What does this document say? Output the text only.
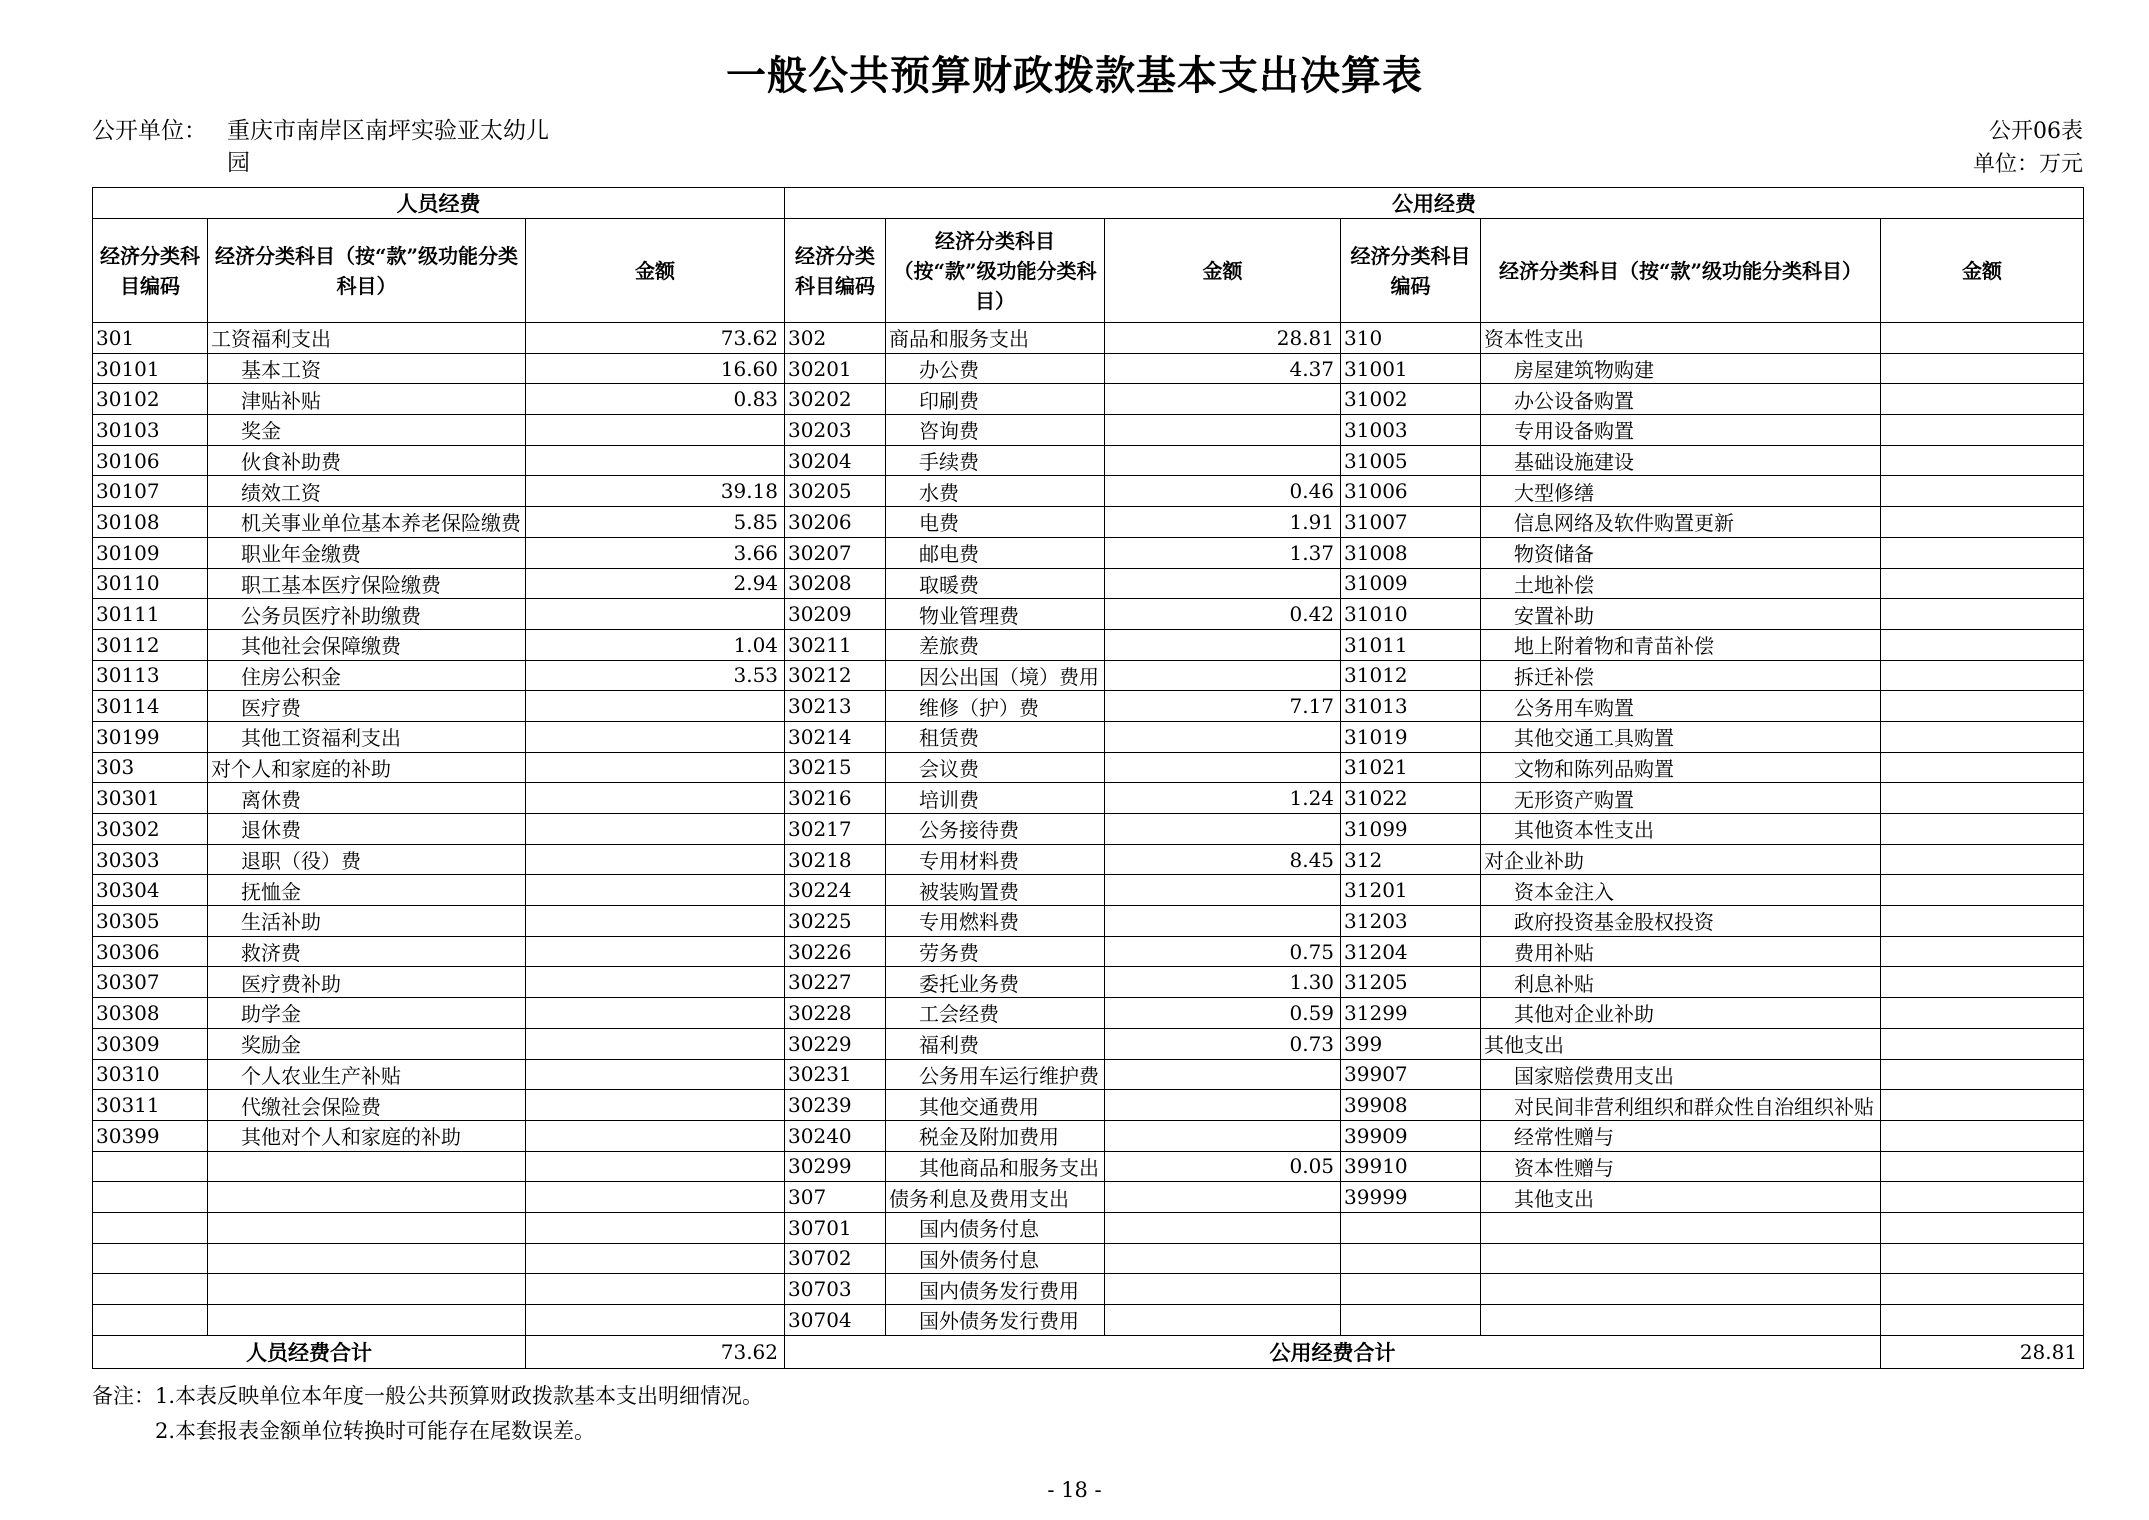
一般公共预算财政拨款基本支出决算表
公开单位： 重庆市南岸区南坪实验亚太幼儿园
公开06表
单位：万元
人员经费			公用经费					
经济分类科目编码	经济分类科目（按“款”级功能分类科目）	金额	经济分类科目编码	经济分类科目（按“款”级功能分类科目）	金额	经济分类科目编码	经济分类科目（按“款”级功能分类科目）	金额
301	工资福利支出	73.62	302	商品和服务支出	28.81	310	资本性支出	
30101	基本工资	16.60	30201	办公费	4.37	31001	房屋建筑物购建	
30102	津贴补贴	0.83	30202	印刷费		31002	办公设备购置	
30103	奖金		30203	咨询费		31003	专用设备购置	
30106	伙食补助费		30204	手续费		31005	基础设施建设	
30107	绩效工资	39.18	30205	水费	0.46	31006	大型修缮	
30108	机关事业单位基本养老保险缴费	5.85	30206	电费	1.91	31007	信息网络及软件购置更新	
30109	职业年金缴费	3.66	30207	邮电费	1.37	31008	物资储备	
30110	职工基本医疗保险缴费	2.94	30208	取暖费		31009	土地补偿	
30111	公务员医疗补助缴费		30209	物业管理费	0.42	31010	安置补助	
30112	其他社会保障缴费	1.04	30211	差旅费		31011	地上附着物和青苗补偿	
30113	住房公积金	3.53	30212	因公出国（境）费用		31012	拆迁补偿	
30114	医疗费		30213	维修（护）费	7.17	31013	公务用车购置	
30199	其他工资福利支出		30214	租赁费		31019	其他交通工具购置	
303	对个人和家庭的补助		30215	会议费		31021	文物和陈列品购置	
30301	离休费		30216	培训费	1.24	31022	无形资产购置	
30302	退休费		30217	公务接待费		31099	其他资本性支出	
30303	退职（役）费		30218	专用材料费	8.45	312	对企业补助	
30304	抚恤金		30224	被装购置费		31201	资本金注入	
30305	生活补助		30225	专用燃料费		31203	政府投资基金股权投资	
30306	救济费		30226	劳务费	0.75	31204	费用补贴	
30307	医疗费补助		30227	委托业务费	1.30	31205	利息补贴	
30308	助学金		30228	工会经费	0.59	31299	其他对企业补助	
30309	奖励金		30229	福利费	0.73	399	其他支出	
30310	个人农业生产补贴		30231	公务用车运行维护费		39907	国家赔偿费用支出	
30311	代缴社会保险费		30239	其他交通费用		39908	对民间非营利组织和群众性自治组织补贴	
30399	其他对个人和家庭的补助		30240	税金及附加费用		39909	经常性赠与	
			30299	其他商品和服务支出	0.05	39910	资本性赠与	
			307	债务利息及费用支出		39999	其他支出	
			30701	国内债务付息				
			30702	国外债务付息				
			30703	国内债务发行费用				
			30704	国外债务发行费用				
人员经费合计		73.62	公用经费合计					28.81
备注： 1.本表反映单位本年度一般公共预算财政拨款基本支出明细情况。
2.本套报表金额单位转换时可能存在尾数误差。
- 18 -
